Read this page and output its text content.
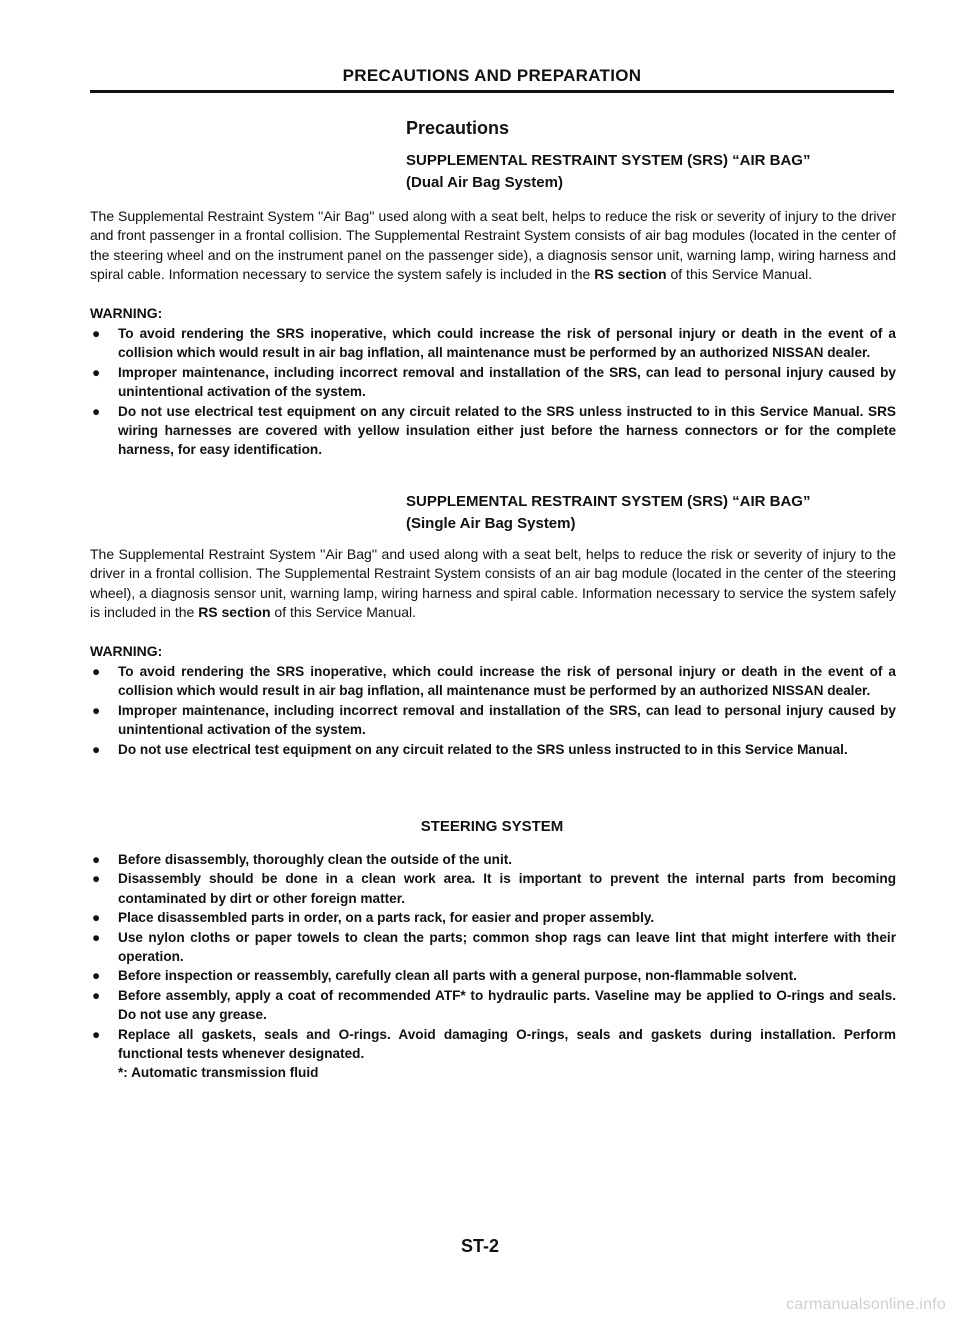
PRECAUTIONS AND PREPARATION
Precautions
SUPPLEMENTAL RESTRAINT SYSTEM (SRS) “AIR BAG”
(Dual Air Bag System)

The Supplemental Restraint System ''Air Bag'' used along with a seat belt, helps to reduce the risk or severity of injury to the driver and front passenger in a frontal collision. The Supplemental Restraint System consists of air bag modules (located in the center of the steering wheel and on the instrument panel on the passenger side), a diagnosis sensor unit, warning lamp, wiring harness and spiral cable. Information necessary to service the system safely is included in the RS section of this Service Manual.

WARNING:
● To avoid rendering the SRS inoperative, which could increase the risk of personal injury or death in the event of a collision which would result in air bag inflation, all maintenance must be performed by an authorized NISSAN dealer.
● Improper maintenance, including incorrect removal and installation of the SRS, can lead to personal injury caused by unintentional activation of the system.
● Do not use electrical test equipment on any circuit related to the SRS unless instructed to in this Service Manual. SRS wiring harnesses are covered with yellow insulation either just before the harness connectors or for the complete harness, for easy identification.
SUPPLEMENTAL RESTRAINT SYSTEM (SRS) “AIR BAG”
(Single Air Bag System)

The Supplemental Restraint System ''Air Bag'' and used along with a seat belt, helps to reduce the risk or severity of injury to the driver in a frontal collision. The Supplemental Restraint System consists of an air bag module (located in the center of the steering wheel), a diagnosis sensor unit, warning lamp, wiring harness and spiral cable. Information necessary to service the system safely is included in the RS section of this Service Manual.

WARNING:
● To avoid rendering the SRS inoperative, which could increase the risk of personal injury or death in the event of a collision which would result in air bag inflation, all maintenance must be performed by an authorized NISSAN dealer.
● Improper maintenance, including incorrect removal and installation of the SRS, can lead to personal injury caused by unintentional activation of the system.
● Do not use electrical test equipment on any circuit related to the SRS unless instructed to in this Service Manual.
STEERING SYSTEM
● Before disassembly, thoroughly clean the outside of the unit.
● Disassembly should be done in a clean work area. It is important to prevent the internal parts from becoming contaminated by dirt or other foreign matter.
● Place disassembled parts in order, on a parts rack, for easier and proper assembly.
● Use nylon cloths or paper towels to clean the parts; common shop rags can leave lint that might interfere with their operation.
● Before inspection or reassembly, carefully clean all parts with a general purpose, non-flammable solvent.
● Before assembly, apply a coat of recommended ATF* to hydraulic parts. Vaseline may be applied to O-rings and seals. Do not use any grease.
● Replace all gaskets, seals and O-rings. Avoid damaging O-rings, seals and gaskets during installation. Perform functional tests whenever designated.
*: Automatic transmission fluid
ST-2
carmanualsonline.info
